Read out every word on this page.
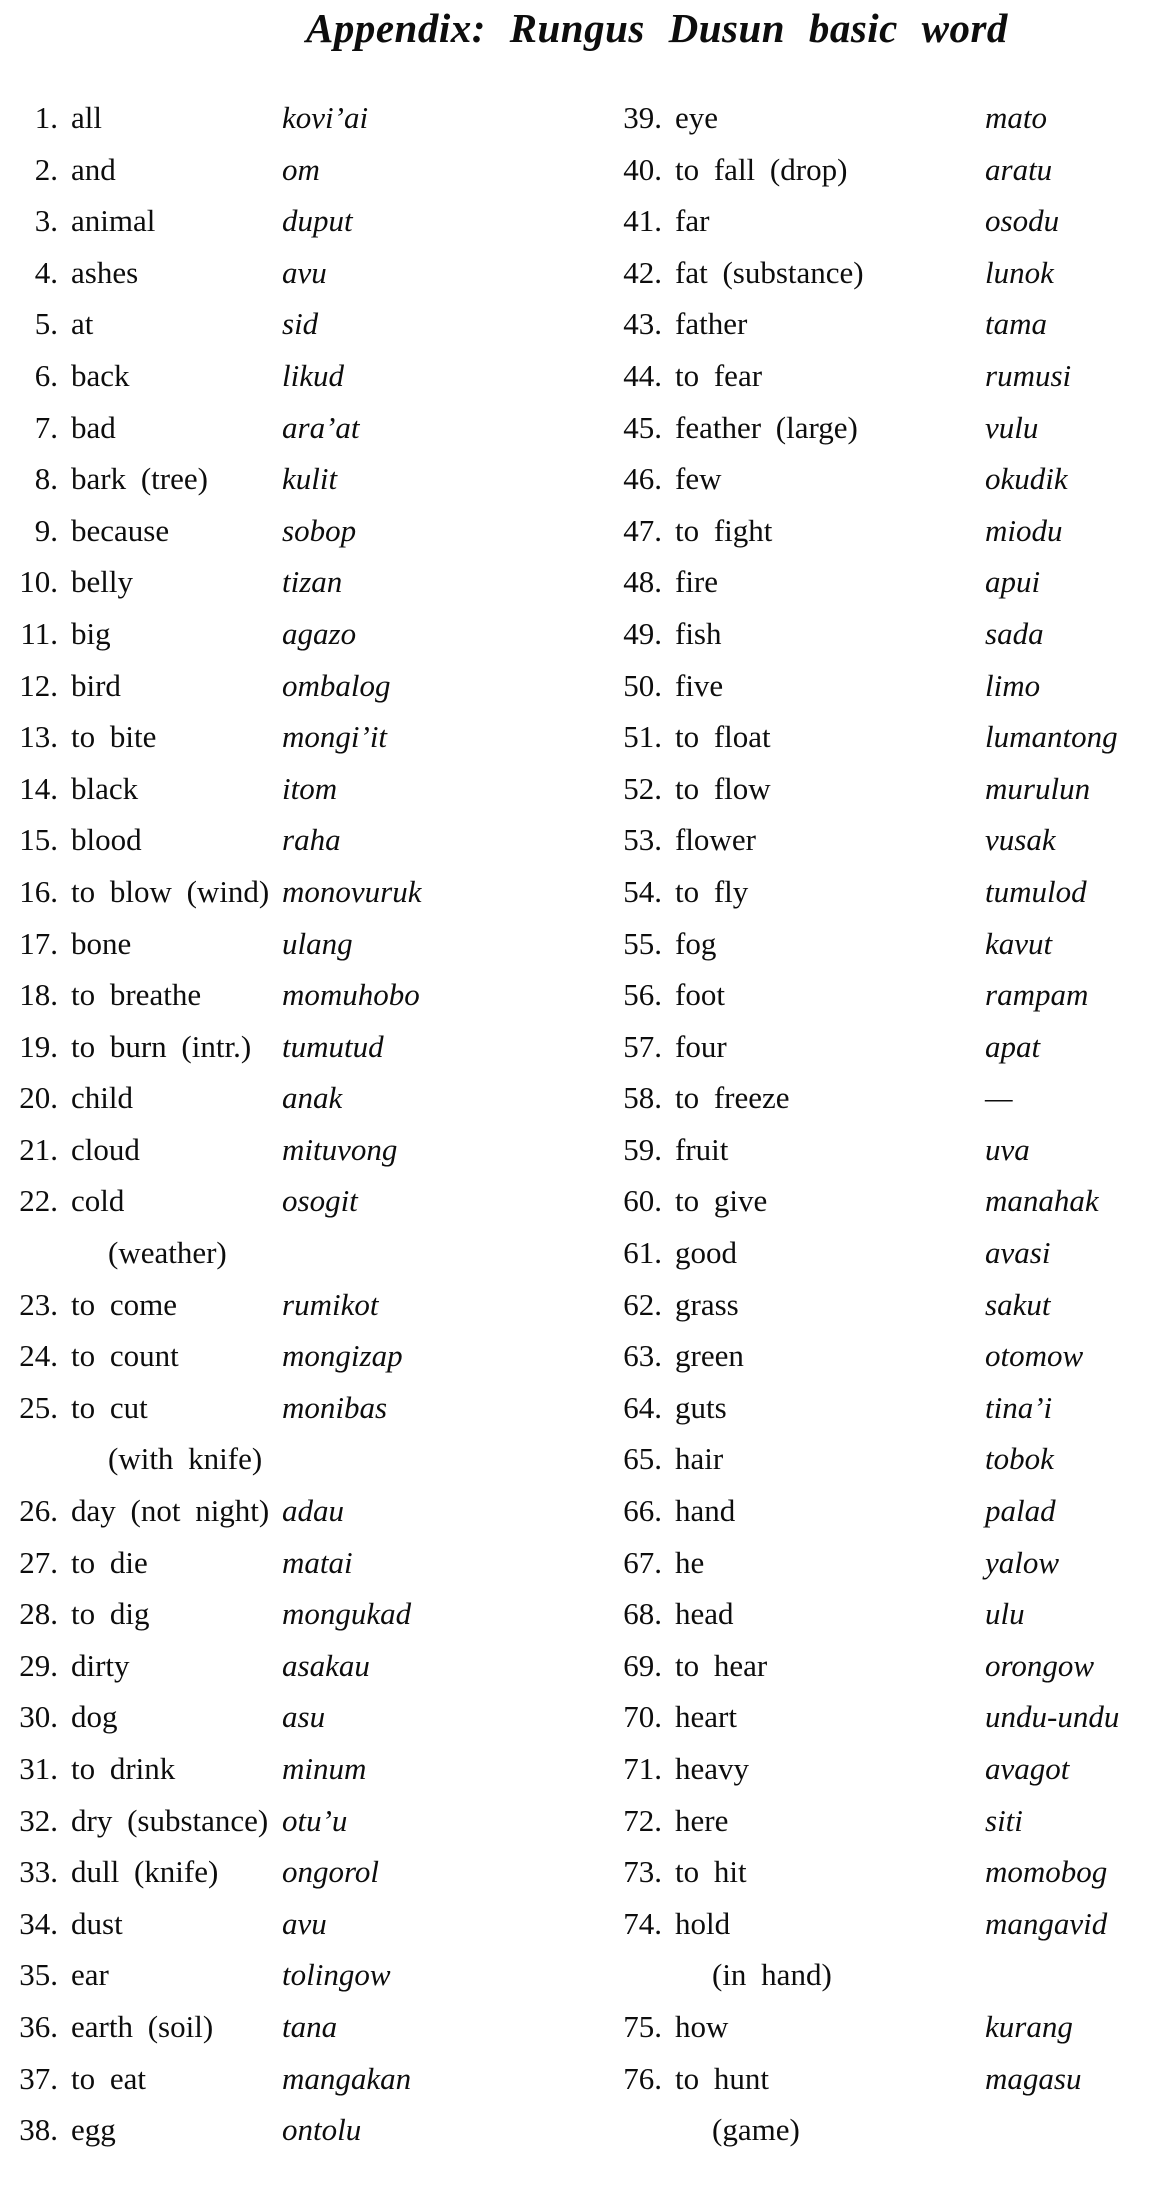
Appendix: Rungus Dusun basic word
1. all	kovi’ai
2. and	om
3. animal	duput
4. ashes	avu
5. at	sid
6. back	likud
7. bad	ara’at
8. bark (tree) kulit
9. because	sobop
10. belly	tizan
11. big	agazo
12. bird	ombalog
13. to bite	mongi’it
14. black	itom
15. blood	raha
16. to blow (wind) monovuruk
17. bone	ulang
18. to breathe	momuhobo
19. to burn (intr.) tumutud
20. child	anak
21. cloud	mituvong
22. cold	osogit
(weather)
23. to come	rumikot
24. to count	mongizap
25. to cut	monibas
(with knife)
26. day (not night) adau
27. to die	matai
28. to dig	mongukad
29. dirty	asakau
30. dog	asu
31. to drink	minum
32. dry (substance) otu’u
33. dull (knife) ongorol
34. dust	avu
35. ear	tolingow
36. earth (soil) tana
37. to eat	mangakan
38. egg	ontolu
39. eye	mato
40. to fall (drop)	aratu
41. far	osodu
42. fat (substance)	lunok
43. father	tama
44. to fear	rumusi
45. feather (large)	vulu
46. few	okudik
47. to fight	miodu
48. fire	apui
49. fish	sada
50. five	limo
51. to float	lumantong
52. to flow	murulun
53. flower	vusak
54. to fly	tumulod
55. fog	kavut
56. foot	rampam
57. four	apat
58. to freeze	—
59. fruit	uva
60. to give	manahak
61. good	avasi
62. grass	sakut
63. green	otomow
64. guts	tina’i
65. hair	tobok
66. hand	palad
67. he	yalow
68. head	ulu
69. to hear	orongow
70. heart	undu-undu
71. heavy	avagot
72. here	siti
73. to hit	momobog
74. hold	mangavid
(in hand)
75. how	kurang
76. to hunt	magasu
(game)
